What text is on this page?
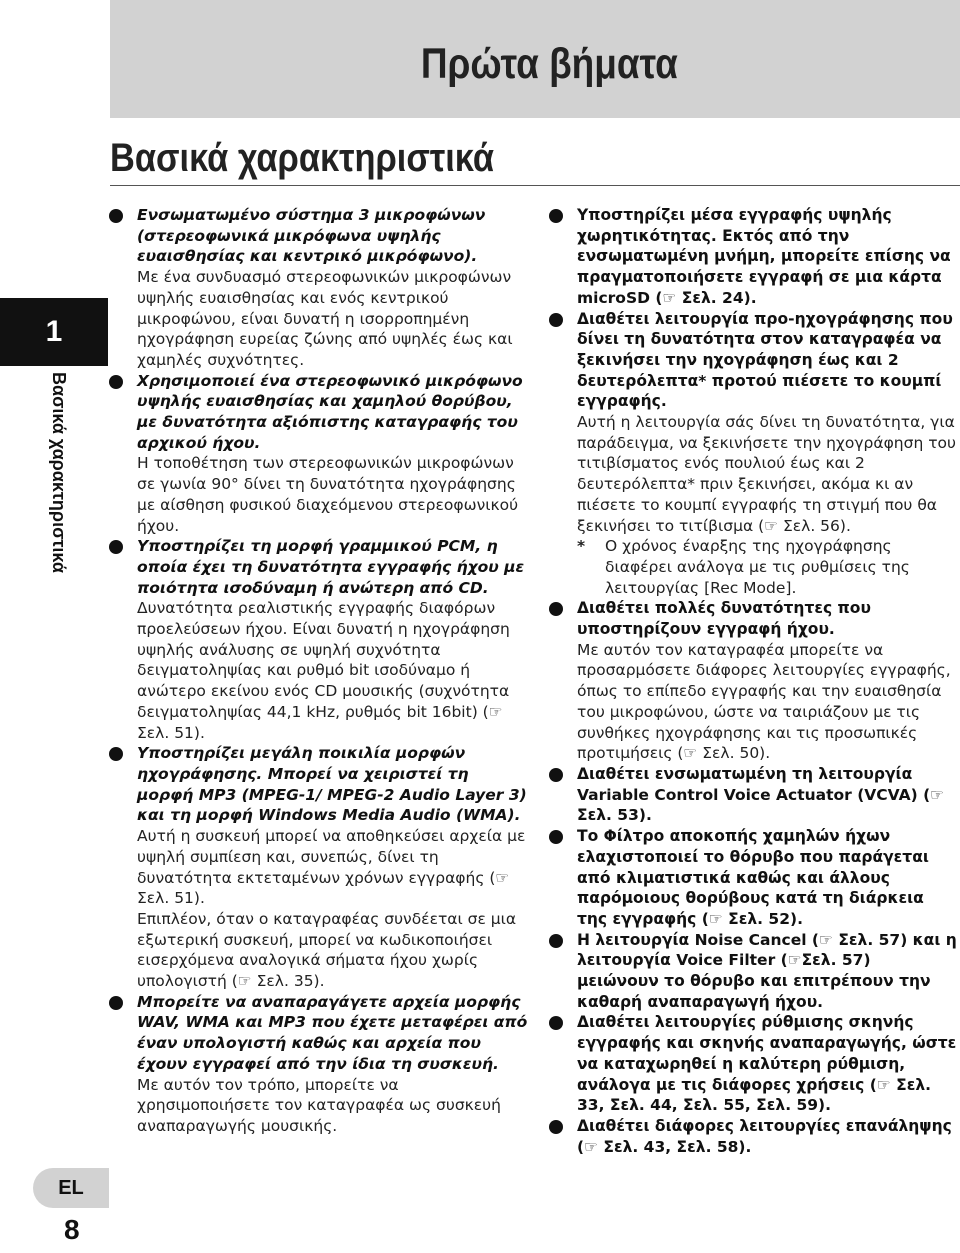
Πρώτα βήματα
Βασικά χαρακτηριστικά
1
Βασικά χαρακτηριστικά
EL
8

Ενσωματωμένο σύστημα 3 μικροφώνων (στερεοφωνικά μικρόφωνα υψηλής ευαισθησίας και κεντρικό μικρόφωνο).

Με ένα συνδυασμό στερεοφωνικών μικροφώνων υψηλής ευαισθησίας και ενός κεντρικού μικροφώνου, είναι δυνατή η ισορροπημένη ηχογράφηση ευρείας ζώνης από υψηλές έως και χαμηλές συχνότητες.

Χρησιμοποιεί ένα στερεοφωνικό μικρόφωνο υψηλής ευαισθησίας και χαμηλού θορύβου, με δυνατότητα αξιόπιστης καταγραφής του αρχικού ήχου.

Η τοποθέτηση των στερεοφωνικών μικροφώνων σε γωνία 90° δίνει τη δυνατότητα ηχογράφησης με αίσθηση φυσικού διαχεόμενου στερεοφωνικού ήχου.

Υποστηρίζει τη μορφή γραμμικού PCM, η οποία έχει τη δυνατότητα εγγραφής ήχου με ποιότητα ισοδύναμη ή ανώτερη από CD.

Δυνατότητα ρεαλιστικής εγγραφής διαφόρων προελεύσεων ήχου. Είναι δυνατή η ηχογράφηση υψηλής ανάλυσης σε υψηλή συχνότητα δειγματοληψίας και ρυθμό bit ισοδύναμο ή ανώτερο εκείνου ενός CD μουσικής (συχνότητα δειγματοληψίας 44,1 kHz, ρυθμός bit 16bit) (☞ Σελ. 51).

Υποστηρίζει μεγάλη ποικιλία μορφών ηχογράφησης. Μπορεί να χειριστεί τη μορφή MP3 (MPEG-1/ MPEG-2 Audio Layer 3) και τη μορφή Windows Media Audio (WMA).

Αυτή η συσκευή μπορεί να αποθηκεύσει αρχεία με υψηλή συμπίεση και, συνεπώς, δίνει τη δυνατότητα εκτεταμένων χρόνων εγγραφής (☞ Σελ. 51).

Επιπλέον, όταν ο καταγραφέας συνδέεται σε μια εξωτερική συσκευή, μπορεί να κωδικοποιήσει εισερχόμενα αναλογικά σήματα ήχου χωρίς υπολογιστή (☞ Σελ. 35).

Μπορείτε να αναπαραγάγετε αρχεία μορφής WAV, WMA και MP3 που έχετε μεταφέρει από έναν υπολογιστή καθώς και αρχεία που έχουν εγγραφεί από την ίδια τη συσκευή.

Με αυτόν τον τρόπο, μπορείτε να χρησιμοποιήσετε τον καταγραφέα ως συσκευή αναπαραγωγής μουσικής.

Υποστηρίζει μέσα εγγραφής υψηλής χωρητικότητας. Εκτός από την ενσωματωμένη μνήμη, μπορείτε επίσης να πραγματοποιήσετε εγγραφή σε μια κάρτα microSD (☞ Σελ. 24).

Διαθέτει λειτουργία προ-ηχογράφησης που δίνει τη δυνατότητα στον καταγραφέα να ξεκινήσει την ηχογράφηση έως και 2 δευτερόλεπτα* προτού πιέσετε το κουμπί εγγραφής.

Αυτή η λειτουργία σάς δίνει τη δυνατότητα, για παράδειγμα, να ξεκινήσετε την ηχογράφηση του τιτιβίσματος ενός πουλιού έως και 2 δευτερόλεπτα* πριν ξεκινήσει, ακόμα κι αν πιέσετε το κουμπί εγγραφής τη στιγμή που θα ξεκινήσει το τιτίβισμα (☞ Σελ. 56).

* Ο χρόνος έναρξης της ηχογράφησης διαφέρει ανάλογα με τις ρυθμίσεις της λειτουργίας [Rec Mode].

Διαθέτει πολλές δυνατότητες που υποστηρίζουν εγγραφή ήχου.

Με αυτόν τον καταγραφέα μπορείτε να προσαρμόσετε διάφορες λειτουργίες εγγραφής, όπως το επίπεδο εγγραφής και την ευαισθησία του μικροφώνου, ώστε να ταιριάζουν με τις συνθήκες ηχογράφησης και τις προσωπικές προτιμήσεις (☞ Σελ. 50).

Διαθέτει ενσωματωμένη τη λειτουργία Variable Control Voice Actuator (VCVA) (☞ Σελ. 53).

Το Φίλτρο αποκοπής χαμηλών ήχων ελαχιστοποιεί το θόρυβο που παράγεται από κλιματιστικά καθώς και άλλους παρόμοιους θορύβους κατά τη διάρκεια της εγγραφής (☞ Σελ. 52).

Η λειτουργία Noise Cancel (☞ Σελ. 57) και η λειτουργία Voice Filter (☞Σελ. 57) μειώνουν το θόρυβο και επιτρέπουν την καθαρή αναπαραγωγή ήχου.

Διαθέτει λειτουργίες ρύθμισης σκηνής εγγραφής και σκηνής αναπαραγωγής, ώστε να καταχωρηθεί η καλύτερη ρύθμιση, ανάλογα με τις διάφορες χρήσεις (☞ Σελ. 33, Σελ. 44, Σελ. 55, Σελ. 59).

Διαθέτει διάφορες λειτουργίες επανάληψης (☞ Σελ. 43, Σελ. 58).
